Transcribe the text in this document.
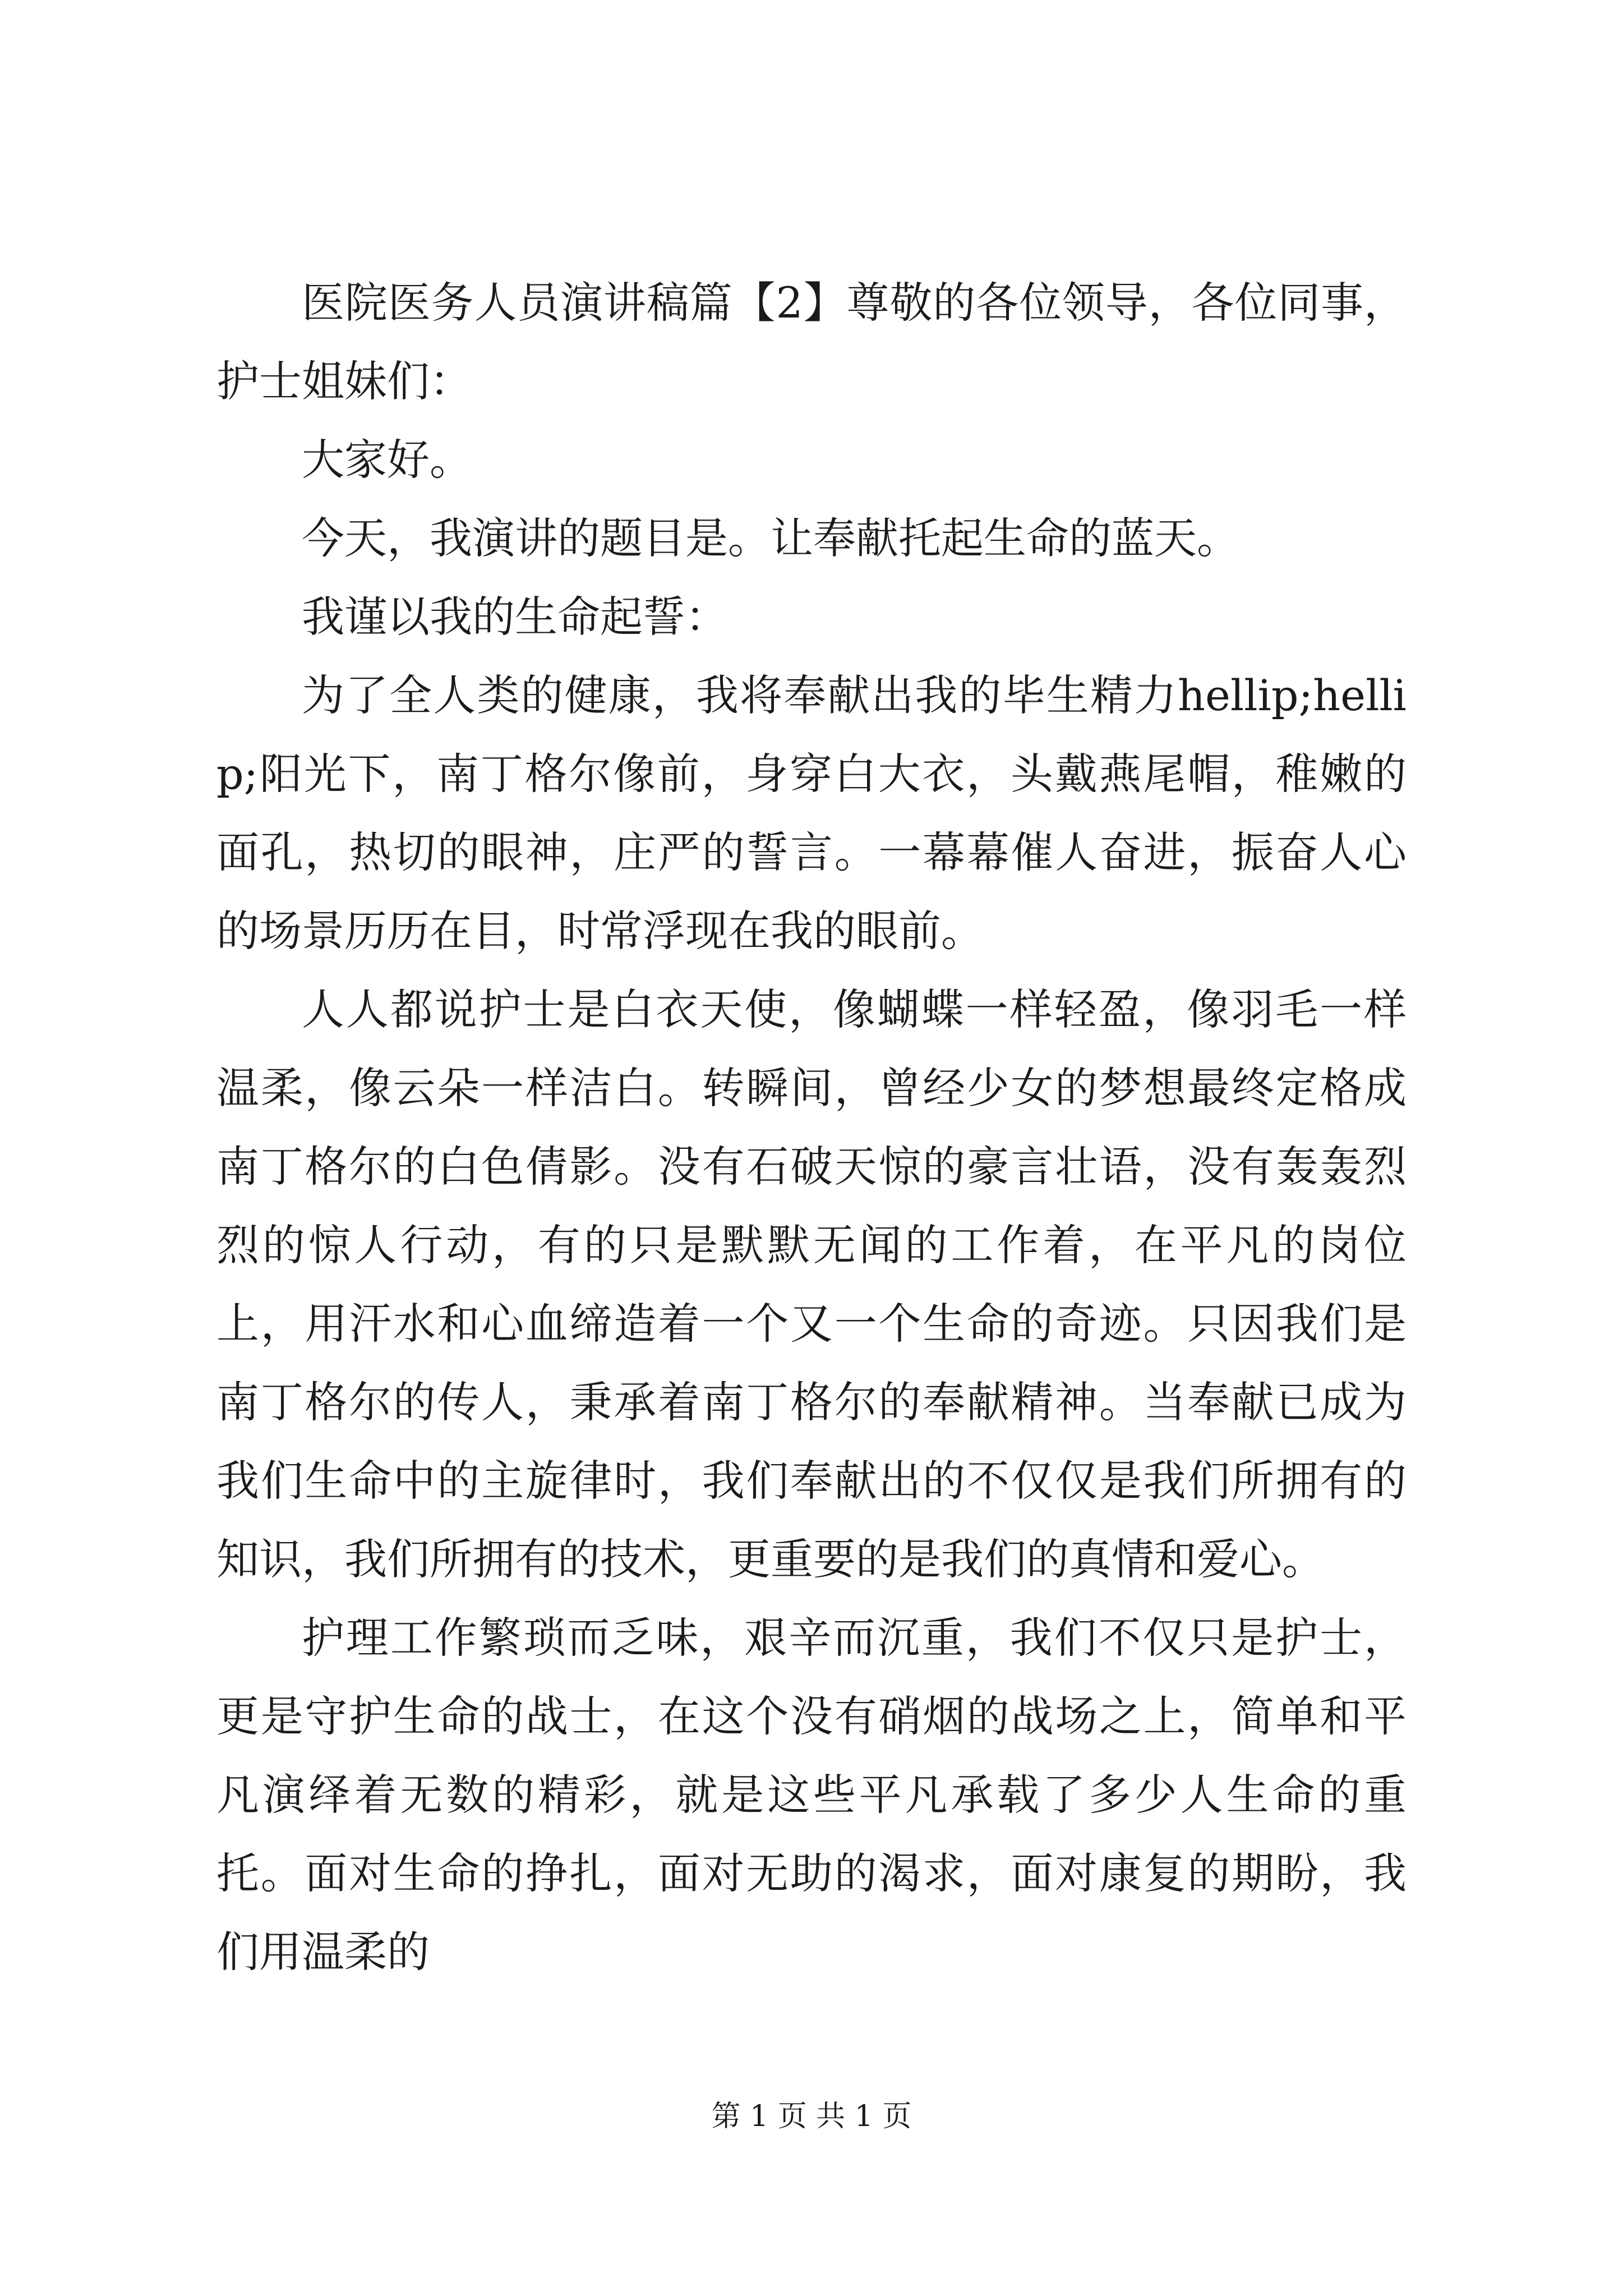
医院医务人员演讲稿篇【2】尊敬的各位领导，各位同事，护士姐妹们：

大家好。

今天，我演讲的题目是。让奉献托起生命的蓝天。

我谨以我的生命起誓：

为了全人类的健康，我将奉献出我的毕生精力hellip;hellip;阳光下，南丁格尔像前，身穿白大衣，头戴燕尾帽，稚嫩的面孔，热切的眼神，庄严的誓言。一幕幕催人奋进，振奋人心的场景历历在目，时常浮现在我的眼前。

人人都说护士是白衣天使，像蝴蝶一样轻盈，像羽毛一样温柔，像云朵一样洁白。转瞬间，曾经少女的梦想最终定格成南丁格尔的白色倩影。没有石破天惊的豪言壮语，没有轰轰烈烈的惊人行动，有的只是默默无闻的工作着，在平凡的岗位上，用汗水和心血缔造着一个又一个生命的奇迹。只因我们是南丁格尔的传人，秉承着南丁格尔的奉献精神。当奉献已成为我们生命中的主旋律时，我们奉献出的不仅仅是我们所拥有的知识，我们所拥有的技术，更重要的是我们的真情和爱心。

护理工作繁琐而乏味，艰辛而沉重，我们不仅只是护士，更是守护生命的战士，在这个没有硝烟的战场之上，简单和平凡演绎着无数的精彩，就是这些平凡承载了多少人生命的重托。面对生命的挣扎，面对无助的渴求，面对康复的期盼，我们用温柔的

第 1 页 共 1 页
